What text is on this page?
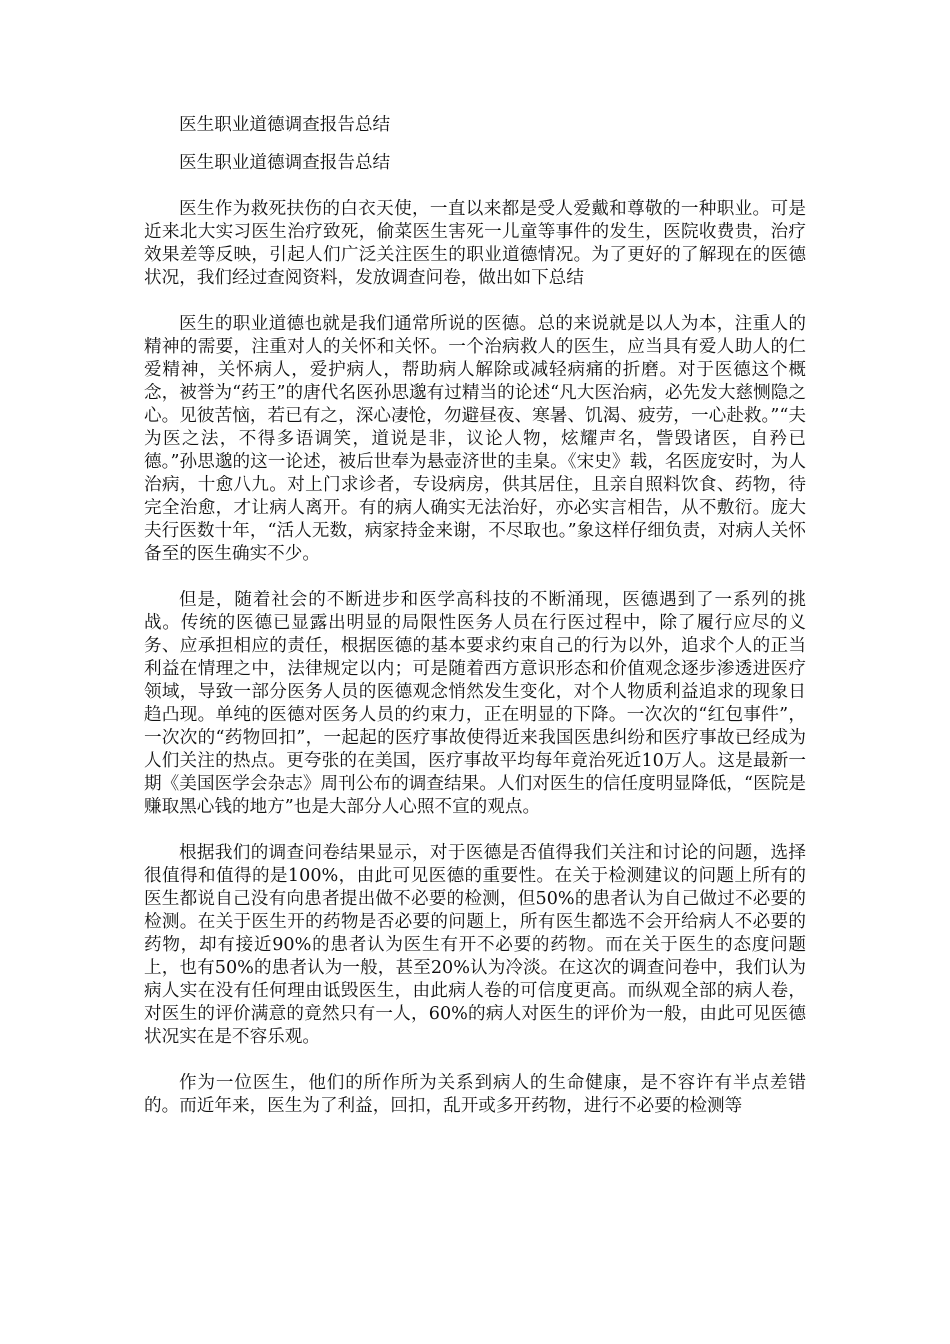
医生职业道德调查报告总结

医生职业道德调查报告总结

医生作为救死扶伤的白衣天使，一直以来都是受人爱戴和尊敬的一种职业。可是近来北大实习医生治疗致死，偷菜医生害死一儿童等事件的发生，医院收费贵，治疗效果差等反映，引起人们广泛关注医生的职业道德情况。为了更好的了解现在的医德状况，我们经过查阅资料，发放调查问卷，做出如下总结

医生的职业道德也就是我们通常所说的医德。总的来说就是以人为本，注重人的精神的需要，注重对人的关怀和关怀。一个治病救人的医生，应当具有爱人助人的仁爱精神，关怀病人，爱护病人，帮助病人解除或减轻病痛的折磨。对于医德这个概念，被誉为“药王”的唐代名医孙思邈有过精当的论述“凡大医治病，必先发大慈恻隐之心。见彼苦恼，若已有之，深心凄怆，勿避昼夜、寒暑、饥渴、疲劳，一心赴救。”“夫为医之法，不得多语调笑，道说是非，议论人物，炫耀声名，訾毁诸医，自矜已德。”孙思邈的这一论述，被后世奉为悬壶济世的圭臬。《宋史》载，名医庞安时，为人治病，十愈八九。对上门求诊者，专设病房，供其居住，且亲自照料饮食、药物，待完全治愈，才让病人离开。有的病人确实无法治好，亦必实言相告，从不敷衍。庞大夫行医数十年，“活人无数，病家持金来谢，不尽取也。”象这样仔细负责，对病人关怀备至的医生确实不少。

但是，随着社会的不断进步和医学高科技的不断涌现，医德遇到了一系列的挑战。传统的医德已显露出明显的局限性医务人员在行医过程中，除了履行应尽的义务、应承担相应的责任，根据医德的基本要求约束自己的行为以外，追求个人的正当利益在情理之中，法律规定以内；可是随着西方意识形态和价值观念逐步渗透进医疗领域，导致一部分医务人员的医德观念悄然发生变化，对个人物质利益追求的现象日趋凸现。单纯的医德对医务人员的约束力，正在明显的下降。一次次的“红包事件”，一次次的“药物回扣”，一起起的医疗事故使得近来我国医患纠纷和医疗事故已经成为人们关注的热点。更夸张的在美国，医疗事故平均每年竟治死近10万人。这是最新一期《美国医学会杂志》周刊公布的调查结果。人们对医生的信任度明显降低，“医院是赚取黑心钱的地方”也是大部分人心照不宣的观点。

根据我们的调查问卷结果显示，对于医德是否值得我们关注和讨论的问题，选择很值得和值得的是100%，由此可见医德的重要性。在关于检测建议的问题上所有的医生都说自己没有向患者提出做不必要的检测，但50%的患者认为自己做过不必要的检测。在关于医生开的药物是否必要的问题上，所有医生都选不会开给病人不必要的药物，却有接近90%的患者认为医生有开不必要的药物。而在关于医生的态度问题上，也有50%的患者认为一般，甚至20%认为冷淡。在这次的调查问卷中，我们认为病人实在没有任何理由诋毁医生，由此病人卷的可信度更高。而纵观全部的病人卷，对医生的评价满意的竟然只有一人，60%的病人对医生的评价为一般，由此可见医德状况实在是不容乐观。

作为一位医生，他们的所作所为关系到病人的生命健康，是不容许有半点差错的。而近年来，医生为了利益，回扣，乱开或多开药物，进行不必要的检测等
